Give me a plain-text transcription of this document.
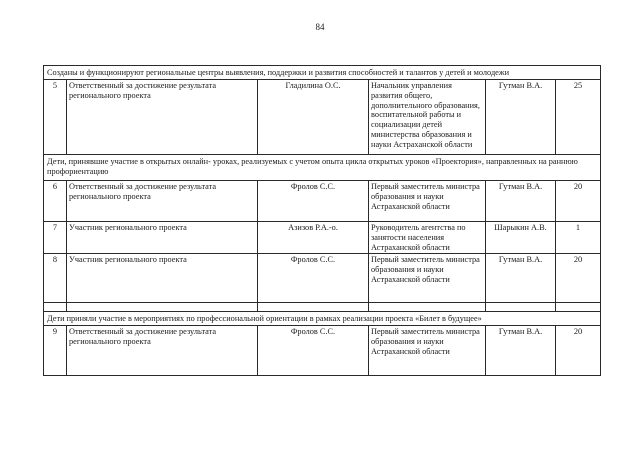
84
Созданы и функционируют региональные центры выявления, поддержки и развития способностей и талантов у детей и молодежи					
5	Ответственный за достижение результата регионального проекта	Гладилина О.С.	Начальник управления развития общего, дополнительного образования, воспитательной работы и социализации детей министерства образования и науки Астраханской области	Гутман В.А.	25
Дети, принявшие участие в открытых онлайн- уроках, реализуемых с учетом опыта цикла открытых уроков «Проектория», направленных на раннюю профориентацию					
6	Ответственный за достижение результата регионального проекта	Фролов С.С.	Первый заместитель министра образования и науки Астраханской области	Гутман В.А.	20
7	Участник регионального проекта	Азизов Р.А.-о.	Руководитель агентства по занятости населения Астраханской области	Шарыкин А.В.	1
8	Участник регионального проекта	Фролов С.С.	Первый заместитель министра образования и науки Астраханской области	Гутман В.А.	20

Дети приняли участие в мероприятиях по профессиональной ориентации в рамках реализации проекта «Билет в будущее»					
9	Ответственный за достижение результата регионального проекта	Фролов С.С.	Первый заместитель министра образования и науки Астраханской области	Гутман В.А.	20
